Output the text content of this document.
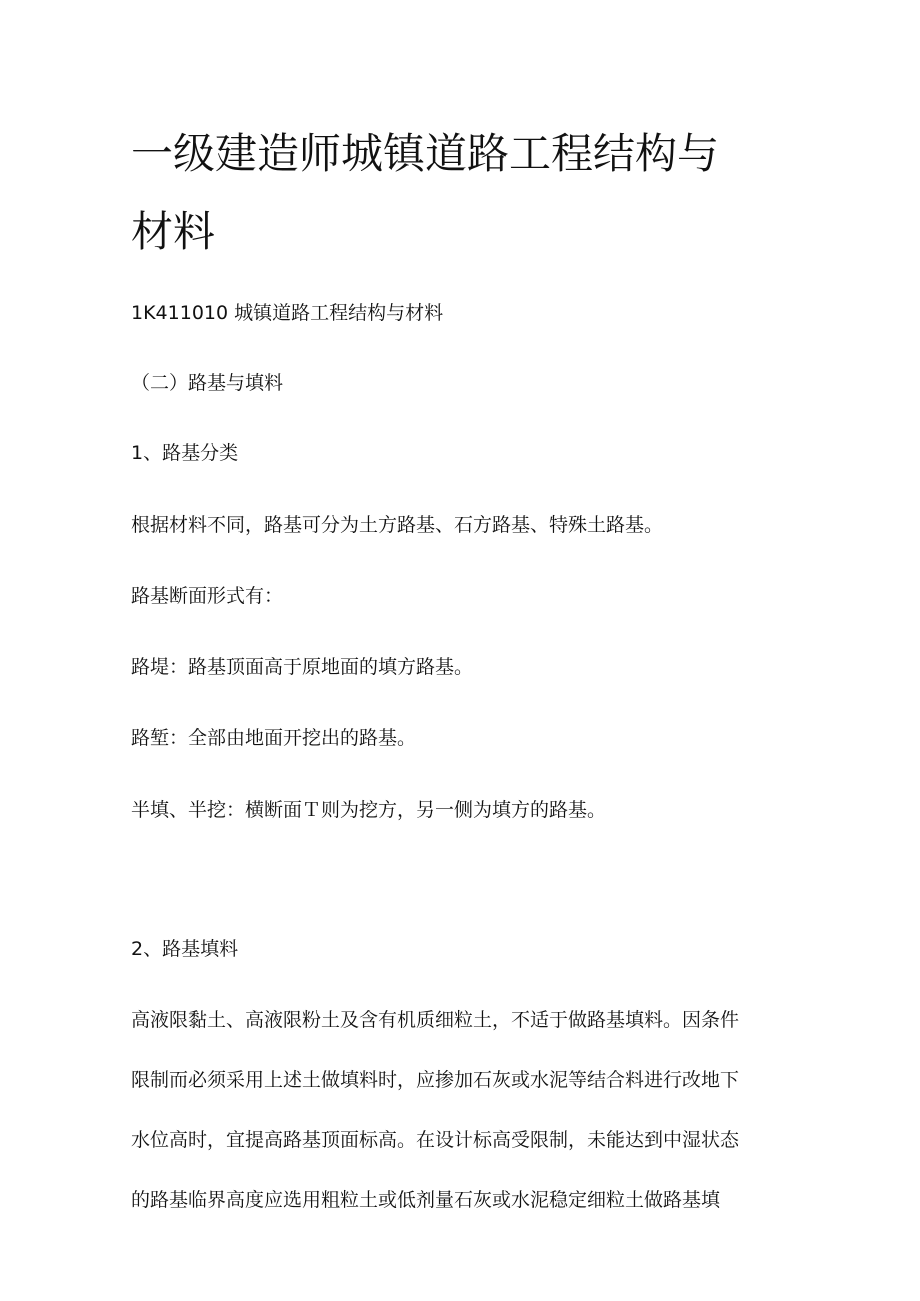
一级建造师城镇道路工程结构与
材料
1K411010 城镇道路工程结构与材料
（二）路基与填料
1、路基分类
根据材料不同，路基可分为土方路基、石方路基、特殊土路基。
路基断面形式有：
路堤：路基顶面高于原地面的填方路基。
路堑：全部由地面开挖出的路基。
半填、半挖：横断面Ｔ则为挖方，另一侧为填方的路基。
2、路基填料
高液限黏土、高液限粉土及含有机质细粒土，不适于做路基填料。因条件
限制而必须采用上述土做填料时，应掺加石灰或水泥等结合料进行改地下
水位高时，宜提高路基顶面标高。在设计标高受限制，未能达到中湿状态
的路基临界高度应选用粗粒土或低剂量石灰或水泥稳定细粒土做路基填
